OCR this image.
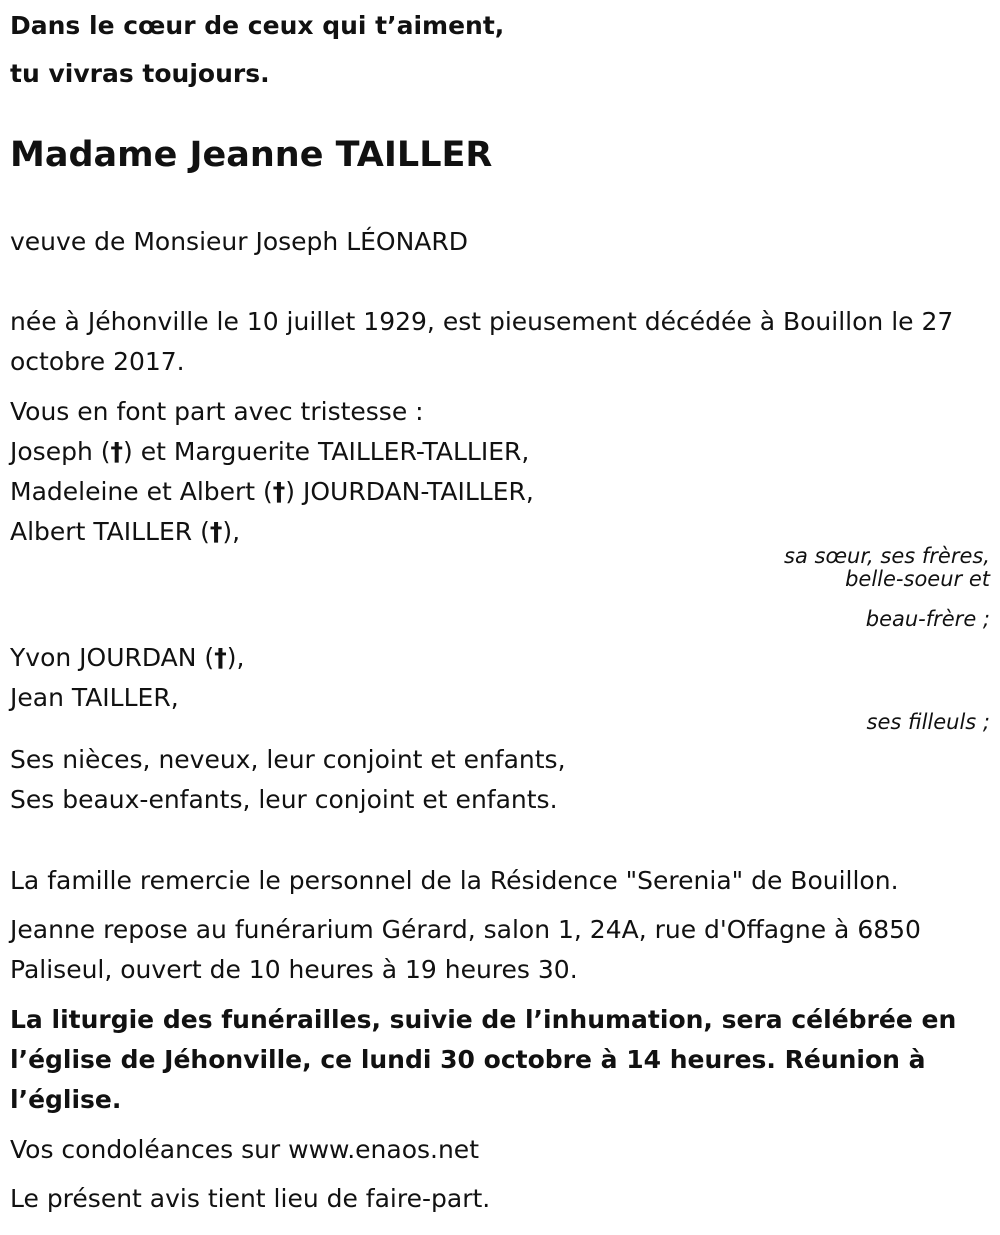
Dans le cœur de ceux qui t’aiment,
tu vivras toujours.
Madame Jeanne TAILLER
veuve de Monsieur Joseph LÉONARD
née à Jéhonville le 10 juillet 1929, est pieusement décédée à Bouillon le 27
octobre 2017.
Vous en font part avec tristesse :
Joseph (†) et Marguerite TAILLER-TALLIER,
Madeleine et Albert (†) JOURDAN-TAILLER,
Albert TAILLER (†),
sa sœur, ses frères,
belle-soeur et
beau-frère ;
Yvon JOURDAN (†),
Jean TAILLER,
ses filleuls ;
Ses nièces, neveux, leur conjoint et enfants,
Ses beaux-enfants, leur conjoint et enfants.
La famille remercie le personnel de la Résidence "Serenia" de Bouillon.
Jeanne repose au funérarium Gérard, salon 1, 24A, rue d'Offagne à 6850
Paliseul, ouvert de 10 heures à 19 heures 30.
La liturgie des funérailles, suivie de l’inhumation, sera célébrée en
l’église de Jéhonville, ce lundi 30 octobre à 14 heures. Réunion à
l’église.
Vos condoléances sur www.enaos.net
Le présent avis tient lieu de faire-part.
